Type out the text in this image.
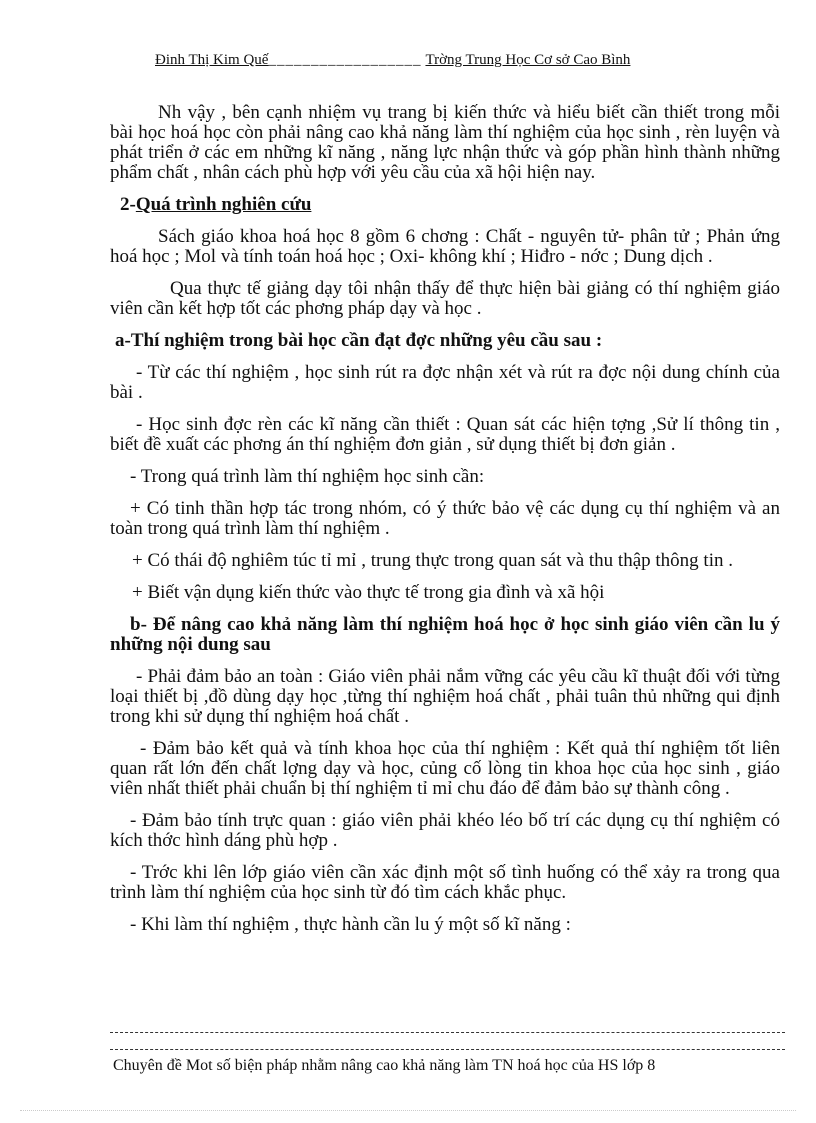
Đinh Thị Kim Quế__________________ Trờng Trung Học Cơ sở Cao Bình

Nh vậy , bên cạnh nhiệm vụ trang bị kiến thức và hiểu biết cần thiết trong mỗi bài học hoá học còn phải nâng cao khả năng làm thí nghiệm của học sinh , rèn luyện và phát triển ở các em những kĩ năng , năng lực nhận thức và góp phần hình thành những phẩm chất , nhân cách phù hợp với yêu cầu của xã hội hiện nay.

2-Quá trình nghiên cứu

Sách giáo khoa hoá học 8 gồm 6 chơng : Chất - nguyên tử- phân tử ; Phản ứng hoá học ; Mol và tính toán hoá học ; Oxi- không khí ; Hiđro - nớc ; Dung dịch .

Qua thực tế giảng dạy tôi nhận thấy để thực hiện bài giảng có thí nghiệm giáo viên cần kết hợp tốt các phơng pháp dạy và học .

a-Thí nghiệm trong bài học cần đạt đợc những yêu cầu sau :

- Từ các thí nghiệm , học sinh rút ra đợc nhận xét và rút ra đợc nội dung chính của bài .

- Học sinh đợc rèn các kĩ năng cần thiết : Quan sát các hiện tợng ,Sử lí thông tin , biết đề xuất các phơng án thí nghiệm đơn giản , sử dụng thiết bị đơn giản .

- Trong quá trình làm thí nghiệm học sinh cần:

+ Có tinh thần hợp tác trong nhóm, có ý thức bảo vệ các dụng cụ thí nghiệm và an toàn trong quá trình làm thí nghiệm .

+ Có thái độ nghiêm túc tỉ mỉ , trung thực trong quan sát và thu thập thông tin .

+ Biết vận dụng kiến thức vào thực tế trong gia đình và xã hội

b- Để nâng cao khả năng làm thí nghiệm hoá học ở học sinh giáo viên cần lu ý những nội dung sau

- Phải đảm bảo an toàn : Giáo viên phải nắm vững các yêu cầu kĩ thuật đối với từng loại thiết bị ,đồ dùng dạy học ,từng thí nghiệm hoá chất , phải tuân thủ những qui định trong khi sử dụng thí nghiệm hoá chất .

- Đảm bảo kết quả và tính khoa học của thí nghiệm : Kết quả thí nghiệm tốt liên quan rất lớn đến chất lợng dạy và học, củng cố lòng tin khoa học của học sinh , giáo viên nhất thiết phải chuẩn bị thí nghiệm tỉ mỉ chu đáo để đảm bảo sự thành công .

- Đảm bảo tính trực quan : giáo viên phải khéo léo bố trí các dụng cụ thí nghiệm có kích thớc hình dáng phù hợp .

- Trớc khi lên lớp giáo viên cần xác định một số tình huống có thể xảy ra trong qua trình làm thí nghiệm của học sinh từ đó tìm cách khắc phục.

- Khi làm thí nghiệm , thực hành cần lu ý một số kĩ năng :

Chuyên đề Mot số biện pháp nhằm nâng cao khả năng làm TN hoá học của HS lớp 8
